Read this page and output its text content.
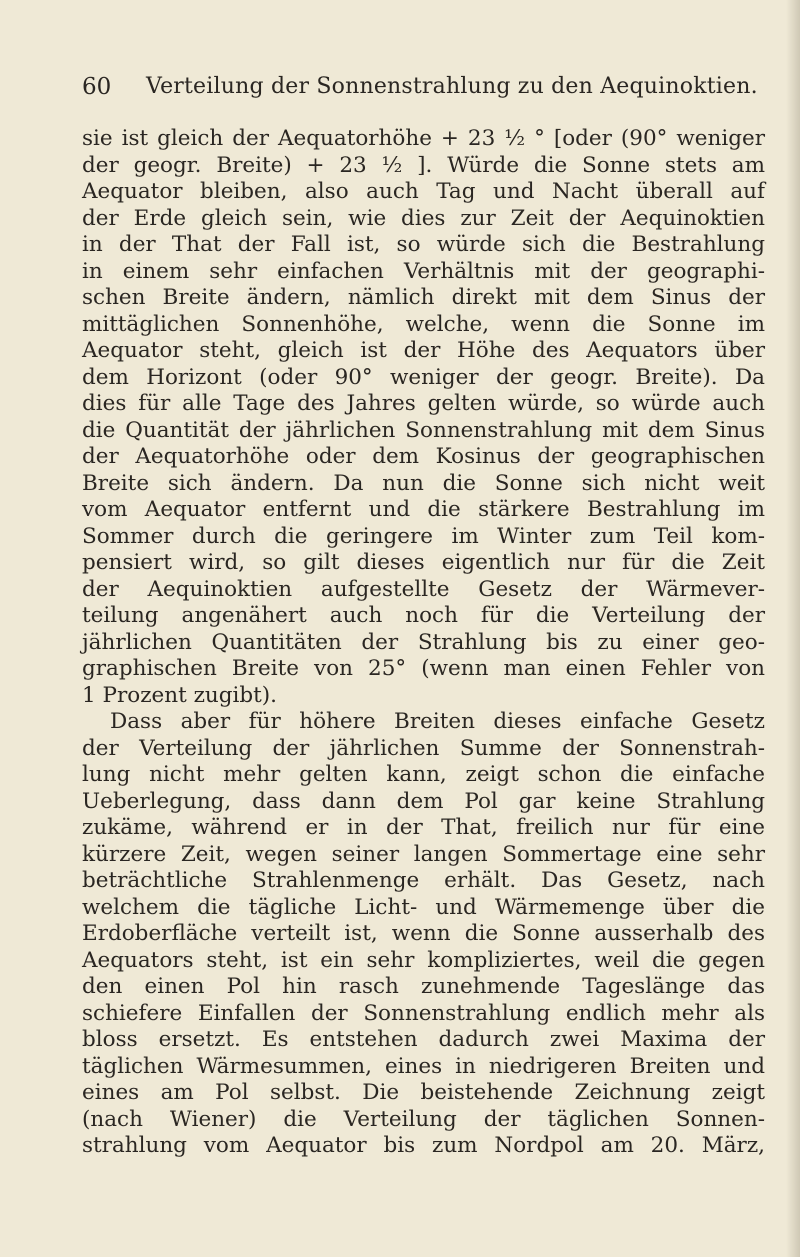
60 Verteilung der Sonnenstrahlung zu den Aequinoktien.
sie ist gleich der Aequatorhöhe + 23 ½ ° [oder (90° weniger
der geogr. Breite) + 23 ½ ]. Würde die Sonne stets am
Aequator bleiben, also auch Tag und Nacht überall auf
der Erde gleich sein, wie dies zur Zeit der Aequinoktien
in der That der Fall ist, so würde sich die Bestrahlung
in einem sehr einfachen Verhältnis mit der geographi-
schen Breite ändern, nämlich direkt mit dem Sinus der
mittäglichen Sonnenhöhe, welche, wenn die Sonne im
Aequator steht, gleich ist der Höhe des Aequators über
dem Horizont (oder 90° weniger der geogr. Breite). Da
dies für alle Tage des Jahres gelten würde, so würde auch
die Quantität der jährlichen Sonnenstrahlung mit dem Sinus
der Aequatorhöhe oder dem Kosinus der geographischen
Breite sich ändern. Da nun die Sonne sich nicht weit
vom Aequator entfernt und die stärkere Bestrahlung im
Sommer durch die geringere im Winter zum Teil kom-
pensiert wird, so gilt dieses eigentlich nur für die Zeit
der Aequinoktien aufgestellte Gesetz der Wärmever-
teilung angenähert auch noch für die Verteilung der
jährlichen Quantitäten der Strahlung bis zu einer geo-
graphischen Breite von 25° (wenn man einen Fehler von
1 Prozent zugibt).
Dass aber für höhere Breiten dieses einfache Gesetz
der Verteilung der jährlichen Summe der Sonnenstrah-
lung nicht mehr gelten kann, zeigt schon die einfache
Ueberlegung, dass dann dem Pol gar keine Strahlung
zukäme, während er in der That, freilich nur für eine
kürzere Zeit, wegen seiner langen Sommertage eine sehr
beträchtliche Strahlenmenge erhält. Das Gesetz, nach
welchem die tägliche Licht- und Wärmemenge über die
Erdoberfläche verteilt ist, wenn die Sonne ausserhalb des
Aequators steht, ist ein sehr kompliziertes, weil die gegen
den einen Pol hin rasch zunehmende Tageslänge das
schiefere Einfallen der Sonnenstrahlung endlich mehr als
bloss ersetzt. Es entstehen dadurch zwei Maxima der
täglichen Wärmesummen, eines in niedrigeren Breiten und
eines am Pol selbst. Die beistehende Zeichnung zeigt
(nach Wiener) die Verteilung der täglichen Sonnen-
strahlung vom Aequator bis zum Nordpol am 20. März,
